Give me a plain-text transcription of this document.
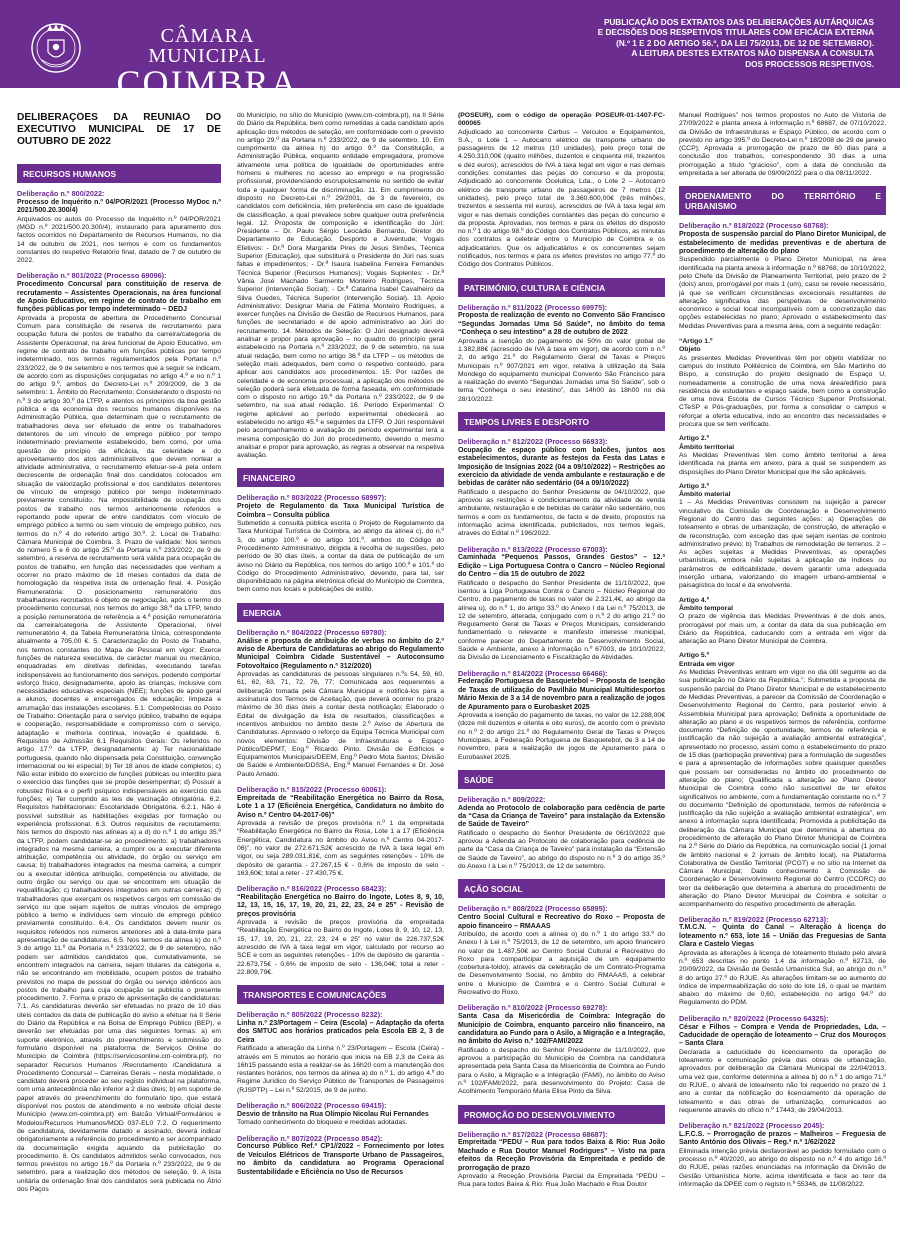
CÂMARA MUNICIPAL
COIMBRA
PUBLICAÇÃO DOS EXTRATOS DAS DELIBERAÇÕES AUTÁRQUICAS
E DECISÕES DOS RESPETIVOS TITULARES COM EFICÁCIA EXTERNA
(N.º 1 E 2 DO ARTIGO 56.º, DA LEI 75/2013, DE 12 DE SETEMBRO).
A LEITURA DESTES EXTRATOS NÃO DISPENSA A CONSULTA
DOS PROCESSOS RESPETIVOS.
DELIBERAÇÕES DA REUNIÃO DO EXECUTIVO MUNICIPAL DE 17 DE OUTUBRO DE 2022
RECURSOS HUMANOS
Deliberação n.º 800/2022:
Processo de Inquérito n.º 04/POR/2021 (Processo MyDoc n.º 2021/500.20.300/4)

Arquivados os autos do Processo de Inquérito n.º 04/POR/2021 (MGD n.º 2021/500.20.300/4), instaurado para apuramento dos factos ocorridos no Departamento de Recursos Humanos, no dia 14 de outubro de 2021, nos termos e com os fundamentos constantes do respetivo Relatório final, datado de 7 de outubro de 2022.

Deliberação n.º 801/2022 (Processo 69096):
Procedimento Concursal para constituição de reserva de recrutamento – Assistentes Operacionais, na área funcional de Apoio Educativo, em regime de contrato de trabalho em funções públicas por tempo indeterminado – DEDJ

Aprovada a proposta de abertura de Procedimento Concursal Comum para constituição de reserva de recrutamento para ocupação futura de postos de trabalho da carreira/categoria de Assistente Operacional, na área funcional de Apoio Educativo, em regime de contrato de trabalho em funções públicas por tempo indeterminado, nos termos regulamentados pela Portaria n.º 233/2022, de 9 de setembro e nos termos que a seguir se indicam, de acordo com as disposições conjugadas no artigo 4.º e no n.º 1 do artigo 9.º, ambos do Decreto-Lei n.º 209/2009, de 3 de setembro: 1. Âmbito do Recrutamento: Considerando o disposto no n.º 3 do artigo 30.º da LTFP, e atentos os princípios da boa gestão pública e da economia dos recursos humanos disponíveis na Administração Pública, que determinam que o recrutamento de trabalhadores deva ser efetuado de entre os trabalhadores detentores de um vínculo de emprego público por tempo indeterminado previamente estabelecido, bem como, por uma questão de princípio da eficácia, da celeridade e do aproveitamento dos atos administrativos que devem nortear a atividade administrativa, o recrutamento efetuar-se-á pela ordem decrescente de ordenação final dos candidatos colocados em situação de valorização profissional e dos candidatos detentores de vínculo de emprego público por tempo indeterminado previamente constituído. Na impossibilidade de ocupação dos postos de trabalho nos termos anteriormente referidos e reportando pode operar de entre candidatos com vínculo de emprego público a termo ou sem vínculo de emprego público, nos termos do n.º 4 do referido artigo 30.º. 2. Local de Trabalho: Câmara Municipal de Coimbra. 3. Prazo de validade: Nos termos do número 5 e 6 do artigo 25.º da Portaria n.º 233/2022, de 9 de setembro, a reserva de recrutamento será válida para ocupação de postos de trabalho, em função das necessidades que venham a ocorrer no prazo máximo de 18 meses contados da data de homologação da respetiva lista de ordenação final. 4. Posição Remuneratória: O posicionamento remuneratório dos trabalhadores recrutados é objeto de negociação, após o termo do procedimento concursal, nos termos do artigo 38.º da LTFP, tendo a posição remuneratória de referência a 4.ª posição remuneratória da carreira/categoria de Assistente Operacional, nível remuneratório 4, da Tabela Remuneratória Única, correspondente atualmente a 705,00 €. 5. Caracterização do Posto de Trabalho, nos termos constantes do Mapa de Pessoal em vigor: Exerce funções de natureza executiva, de carácter manual ou mecânico, enquadradas em diretivas definidas, executando tarefas indispensáveis ao funcionamento dos serviços, podendo comportar esforço físico, designadamente, apoio às crianças, inclusive com necessidades educativas especiais (NEE); funções de apoio geral a alunos, docentes e encarregados de educação; limpeza e arrumação das instalações escolares. 5.1. Competências do Posto de Trabalho: Orientação para o serviço público, trabalho de equipa e cooperação, responsabilidade e compromisso com o serviço, adaptação e melhoria contínua, inovação e qualidade. 6. Requisitos de Admissão 6.1 Requisitos Gerais: Os referidos no artigo 17.º da LTFP, designadamente: a) Ter nacionalidade portuguesa, quando não dispensada pela Constituição, convenção internacional ou lei especial; b) Ter 18 anos de idade completos; c) Não estar inibido do exercício de funções públicas ou interdito para o exercício das funções que se propõe desempenhar; d) Possuir a robustez física e o perfil psíquico indispensáveis ao exercício das funções; e) Ter cumprido as leis de vacinação obrigatória. 6.2. Requisitos habilitacionais: Escolaridade Obrigatória. 6.2.1. Não é possível substituir as habilitações exigidas por formação ou experiência profissional. 6.3. Outros requisitos de recrutamento: Nos termos do disposto nas alíneas a) a d) do n.º 1 do artigo 35.º da LTFP, podem candidatar-se ao procedimento: a) trabalhadores integrados na mesma carreira, a cumprir ou a executar diferente atribuição, competência ou atividade, do órgão ou serviço em causa; b) trabalhadores integrados na mesma carreira, a cumprir ou a executar idêntica atribuição, competência ou atividade, de outro órgão ou serviço ou que se encontrem em situação de requalificação; c) trabalhadores integrados em outras carreiras; d) trabalhadores que exerçam os respetivos cargos em comissão de serviço ou que sejam sujeitos de outras vínculos de emprego público a termo e indivíduos sem vínculo de emprego público previamente constituído. 6.4. Os candidatos devem reunir os requisitos referidos nos números anteriores até à data-limite para apresentação de candidaturas. 6.5. Nos termos da alínea k) do n.º 3 do artigo 11.º da Portaria n.º 233/2022, de 9 de setembro, não podem ser admitidos candidatos que, cumulativamente, se encontrem integrados na carreira, sejam titulares da categoria e, não se encontrando em mobilidade, ocupem postos de trabalho previstos no mapa de pessoal do órgão ou serviço idênticos aos postos de trabalho para cuja ocupação se publicita o presente procedimento. 7. Forma e prazo de apresentação de candidaturas: 7.1. As candidaturas deverão ser efetuadas no prazo de 10 dias úteis contados da data de publicação do aviso a efetuar na II Série do Diário da República e na Bolsa de Emprego Público (BEP), e deverão ser efetuadas por uma das seguintes formas: a) em suporte eletrónico, através do preenchimento e submissão do formulário disponível na plataforma de Serviços Online do Município de Coimbra (https://servicosonline.cm-coimbra.pt), no separador Recursos Humanos /Recrutamento /Candidatura a Procedimento Concursal – Carreiras Gerais – nesta modalidade, o candidato deverá proceder ao seu registo individual na plataforma, com uma antecedência não inferior a 2 dias úteis; b) em suporte de papel através do preenchimento do formulário tipo, que estará disponível nos postos de atendimento e no website oficial deste Município (www.cm-coimbra.pt) em Balcão Virtual/Formulários e Modelos/Recursos Humanos/MOD 037-EL0 7.2. O requerimento de candidatura, devidamente datado e assinado, deverá indicar obrigatoriamente a referência do procedimento e ser acompanhado da documentação exigida aquando da publicitação do procedimento. 8. Os candidatos admitidos serão convocados, nos termos previstos no artigo 16.º da Portaria n.º 233/2022, de 9 de setembro, para a realização dos métodos de seleção. 9. A lista unitária de ordenação final dos candidatos será publicada no Átrio dos Paços

do Município, no sítio do Município (www.cm-coimbra.pt), na II Série do Diário da República, bem como remetidas a cada candidato após aplicação dos métodos de seleção, em conformidade com o previsto no artigo 29.º da Portaria n.º 233/2022, de 9 de setembro. 10. Em cumprimento da alínea h) do artigo 9.º da Constituição, a Administração Pública, enquanto entidade empregadora, promove ativamente uma política de igualdade de oportunidades entre homens e mulheres no acesso ao emprego e na progressão profissional, providenciando escrupulosamente no sentido de evitar toda e qualquer forma de discriminação. 11. Em cumprimento do disposto no Decreto-Lei n.º 29/2001, de 3 de fevereiro, os candidatos com deficiência, têm preferência em caso de igualdade de classificação, a qual prevalece sobre qualquer outra preferência legal. 12. Proposta de composição e identificação do Júri: Presidente – Dr. Paulo Sérgio Leocádio Bernardo, Diretor do Departamento de Educação, Desporto e Juventude; Vogais Efetivos: - Dr.ª Dora Margarida Pires de Jesus Simões, Técnica Superior (Educação), que substituirá o Presidente do Júri nas suas faltas e impedimentos; - Dr.ª Isaura Isabelina Ferreira Fernandes Técnica Superior (Recursos Humanos); Vogais Suplentes: - Dr.ª Vânia José Machado Sarmento Monteiro Rodrigues, Técnica Superior (Intervenção Social); - Dr.ª Catarina Isabel Cavalheiro da Silva Guedes, Técnica Superior (Intervenção Social). 13. Apoio Administrativo: Designar Maria de Fátima Monteiro Rodrigues, a exercer funções na Divisão de Gestão de Recursos Humanos, para funções de secretariado e de apoio administrativo ao Júri do recrutamento. 14. Métodos de Seleção: O Júri designado deverá analisar e propor para aprovação – no quadro do princípio geral estabelecido na Portaria n.º 233/2022, de 9 de setembro, na sua atual redação, bem como no artigo 36.º da LTFP – os métodos de seleção mais adequados, bem como o respetivo conteúdo, para aplicar aos candidatos aos procedimentos. 15. Por razões de celeridade e de economia processual, a aplicação dos métodos de seleção poderá será efetuada de forma faseada, em conformidade com o disposto no artigo 19.º da Portaria n.º 233/2022, de 9 de setembro, na sua atual redação. 16. Período Experimental: O regime aplicável ao período experimental obedecerá ao estabelecido no artigo 45.º e seguintes da LTFP. O Júri responsável pelo acompanhamento e avaliação do período experimental terá a mesma composição do Júri do procedimento, devendo o mesmo analisar e propor para aprovação, as regras a observar na respetiva avaliação.

FINANCEIRO
Deliberação n.º 803/2022 (Processo 68997):
Projeto de Regulamento da Taxa Municipal Turística de Coimbra – Consulta pública

Submetido a consulta pública escrita o Projeto de Regulamento da Taxa Municipal Turística de Coimbra, ao abrigo da alínea c), do n.º 3, do artigo 100.º e do artigo 101.º, ambos do Código do Procedimento Administrativo, dirigida à recolha de sugestões, pelo período de 30 dias úteis, a contar da data de publicação de um aviso no Diário da República, nos termos do artigo 100.º e 101.º do Código do Procedimento Administrativo, devendo, para tal, ser disponibilizado na página eletrónica oficial do Município de Coimbra, bem como nos locais e publicações de estilo.

ENERGIA
Deliberação n.º 804/2022 (Processo 69780):
Análise e proposta de atribuição de verbas no âmbito do 2.º aviso de Abertura de Candidaturas ao abrigo do Regulamento Municipal Coimbra Cidade Sustentável – Autoconsumo Fotovoltaico (Regulamento n.º 312/2020)

Aprovadas as candidaturas de pessoas singulares n.ºs 54, 59, 60, 61, 62, 63, 71, 72, 76, 77; Comunicada aos requerentes a deliberação tomada pela Câmara Municipal e notificá-los para a assinatura dos Termos de Aceitação, que deverá ocorrer no prazo máximo de 30 dias úteis a contar desta notificação; Elaborado o Edital de divulgação da lista de resultados, classificações e incentivos atribuídos no âmbito deste 2.º Aviso de Abertura de Candidaturas. Aprovado o reforço da Equipa Técnica Municipal com novos elementos: Divisão de Infraestruturas e Espaço Público/DEPMT, Eng.º Ricardo Pinto. Divisão de Edifícios e Equipamentos Municipais/DEEM, Eng.º Pedro Mota Santos; Divisão de Saúde e Ambiente/DDSSA, Eng.ª Manuel Fernandes e Dr. José Paulo Amado.

Deliberação n.º 815/2022 (Processo 60061):
Empreitada de “Reabilitação Energética no Bairro da Rosa, Lote 1 a 17 (Eficiência Energética, Candidatura no âmbito do Aviso n.º Centro 04-2017-06)”

Aprovada a revisão de preços provisória n.º 1 da empreitada “Reabilitação Energética no Bairro da Rosa, Lote 1 a 17 (Eficiência Energética, Candidatura no âmbito do Aviso n.º Centro 04-2017-06)”, no valor de 272.671,52€ acrescido de IVA à taxa legal em vigor, ou seja 289.031,81€, com as seguintes retenções - 10% de depósito de garantia - 27.267,15 € - 0,6% de imposto de selo - 163,60€; total a reter - 27.430,75 €.

Deliberação n.º 816/2022 (Processo 68423):
“Reabilitação Energética no Bairro do Ingote, Lotes 8, 9, 10, 12, 13, 15, 16, 17, 19, 20, 21, 22, 23, 24 e 25” - Revisão de preços provisória

Aprovada a revisão de preços provisória da empreitada “Reabilitação Energética no Bairro do Ingote, Lotes 8, 9, 10, 12, 13, 15, 17, 19, 20, 21, 22, 23, 24 e 25” no valor de 226.737,52€ acrescido de IVA à taxa legal em vigor, calculado por recurso ao SCE e com as seguintes retenções - 10% de depósito de garantia - 22.673,75€ - 0,6% de imposto de selo - 136,04€; total a reter - 22.809,79€.

TRANSPORTES E COMUNICAÇÕES
Deliberação n.º 805/2022 (Processo 8232):
Linha n.º 23/Portagem – Ceira (Escola) – Adaptação da oferta dos SMTUC aos horários praticados pela Escola EB 2, 3 de Ceira

Ratificado a alteração da Linha n.º 23/Portagem – Escola (Ceira) - através em 5 minutos ao horário que inicia na EB 2,3 de Ceira às 16h15 passando esta a realizar-se às 16h20 com a manutenção dos restantes horários, nos termos da alínea a) do n.º 1, do artigo 4.º do Regime Jurídico do Serviço Público de Transportes de Passageiros (RJSPTP) – Lei n.º 52/2015, de 9 de junho.

Deliberação n.º 806/2022 (Processo 69415):
Desvio de trânsito na Rua Olímpio Nicolau Rui Fernandes

Tomado conhecimento do bloqueio e medidas adotadas.

Deliberação n.º 807/2022 (Processo 8542):
Concurso Público Ref.ª CP1//2022 – Fornecimento por lotes de Veículos Elétricos de Transporte Urbano de Passageiros, no âmbito da candidatura ao Programa Operacional Sustentabilidade e Eficiência no Uso de Recursos
(POSEUR), com o código de operação POSEUR-01-1407-FC-000065

Adjudicado ao concorrente Carbus – Veículos e Equipamentos, S.A., o Lote 1 – Autocarro elétrico de transporte urbano de passageiros de 12 metros (10 unidades), pelo preço total de 4.250.310,00€ (quatro milhões, duzentos e cinquenta mil, trezentos e dez euros), acrescidos de IVA à taxa legal em vigor e nas demais condições constantes das peças do concurso e da proposta; Adjudicado ao concorrente Ocelutica, Lda., o Lote 2 – Autocarro elétrico de transporte urbano de passageiros de 7 metros (12 unidades), pelo preço total de 3.360.600,00€ (três milhões, trezentos e sessenta mil euros), acrescidos de IVA à taxa legal em vigor e nas demais condições constantes das peças do concurso e da proposta. Aprovadas, nos termos e para os efeitos do disposto no n.º 1 do artigo 98.º do Código dos Contratos Públicos, as minutas dos contratos a celebrar entre o Município de Coimbra e os adjudicatários. Que os adjudicatários e os concorrentes sejam notificados, nos termos e para os efeitos previstos no artigo 77.º do Código dos Contratos Públicos.

PATRIMÓNIO, CULTURA E CIÊNCIA
Deliberação n.º 811/2022 (Processo 69975):
Proposta de realização de evento no Convento São Francisco “Segundas Jornadas Uma Só Saúde”, no âmbito do tema “Conheça o seu intestino” a 28 de outubro de 2022

Aprovada a isenção do pagamento de 50% do valor global de 1.382,88€ (acrescido de IVA à taxa em vigor), de acordo com o n.º 2, do artigo 21.º do Regulamento Geral de Taxas e Preços Municipais n.º 907/2021 em vigor, relativa à utilização da Sala Mondego do equipamento municipal Convento São Francisco para a realização do evento “Segundas Jornadas uma Só Saúde”, sob o tema “Conheça o seu intestino”, das 14h00 às 18h00 no dia 28/10/2022.

TEMPOS LIVRES E DESPORTO
Deliberação n.º 812/2022 (Processo 66933):
Ocupação de espaço público com balcões, juntos aos estabelecimentos, durante as festejos da Festa das Latas e Imposição de Insígnias 2022 (04 a 09/10/2022) – Restrições ao exercício da atividade de venda ambulante e restauração e de bebidas de caráter não sedentário (04 a 09/10/2022)

Ratificado o despacho do Senhor Presidente de 04/10/2022, que aprovou as restrições e condicionamento da atividade de venda ambulante, restauração e de bebidas de caráter não sedentário, nos termos e com os fundamentos, de facto e de direito, propostos na informação acima identificada, publicitados, nos termos legais, através do Edital n.º 196/2022.

Deliberação n.º 813/2022 (Processo 67003):
Caminhada “Pequenos Passos, Grandes Gestos” – 12.ª Edição – Liga Portuguesa Contra o Cancro – Núcleo Regional do Centro – dia 15 de outubro de 2022

Ratificado o despacho do Senhor Presidente de 11/10/2022, que isentou a Liga Portuguesa Contra o Cancro – Núcleo Regional do Centro, do pagamento de taxas no valor de 2.321,4€, ao abrigo da alínea u), do n.º 1, do artigo 33.º do Anexo I da Lei n.º 75/2013, de 12 de setembro, alterada, conjugado com o n.º 2 do artigo 21.º do Regulamento Geral de Taxas e Preços Municipais, considerando fundamentado o relevante e manifesto interesse municipal, conforme parecer do Departamento de Desenvolvimento Social, Saúde e Ambiente, anexo à informação n.º 67003, de 10/10/2022, da Divisão de Licenciamento e Fiscalização de Atividades.

Deliberação n.º 814/2022 (Processo 66466):
Federação Portuguesa de Basquetebol – Proposta de Isenção de Taxas de utilização do Pavilhão Municipal Multidesportos Mário Mexia de 3 a 14 de novembro para a realização de jogos de Apuramento para o Eurobasket 2025

Aprovada a isenção do pagamento de taxas, no valor de 12.288,00€ (doze mil duzentos e oitenta e oito euros), de acordo com o previsto no n.º 2 do artigo 21.º do Regulamento Geral de Taxas e Preços Municipais, à Federação Portuguesa de Basquetebol, de 3 a 14 de novembro, para a realização de jogos de Apuramento para o Eurobasket 2025.

SAÚDE
Deliberação n.º 809/2022:
Adenda ao Protocolo de colaboração para cedência de parte da “Casa da Criança de Taveiro” para instalação da Extensão de Saúde de Taveiro”

Ratificado o despacho do Senhor Presidente de 06/10/2022 que aprovou a Adenda ao Protocolo de colaboração para cedência de parte da “Casa da Criança de Taveiro” para instalação da “Extensão de Saúde de Taveiro”, ao abrigo do disposto no n.º 3 do artigo 35.º do Anexo I à Lei n.º 75/2013, de 12 de setembro.

AÇÃO SOCIAL
Deliberação n.º 808/2022 (Processo 65895):
Centro Social Cultural e Recreativo do Roxo – Proposta de apoio financeiro – RMAAAS

Atribuído, de acordo com a alínea o) do n.º 1 do artigo 33.º do Anexo I à Lei n.º 75/2013, de 12 de setembro, um apoio financeiro no valor de 1.487,50€ ao Centro Social Cultural e Recreativo do Roxo para comparticipar a aquisição de um equipamento (cobertura-toldo), através da celebração de um Contrato-Programa de Desenvolvimento Social, no âmbito do RMAAAS, a celebrar entre o Município de Coimbra e o Centro Social Cultural e Recreativo do Roxo.

Deliberação n.º 810/2022 (Processo 69278):
Santa Casa da Misericórdia de Coimbra: Integração do Município de Coimbra, enquanto parceiro não financeiro, na candidatura ao Fundo para o Asilo, a Migração e a Integração, no âmbito do Aviso n.º 102/FAMI/2022

Ratificado o despacho do Senhor Presidente de 11/10/2022, que aprovou a participação do Município de Coimbra na candidatura apresentada pela Santa Casa da Misericórdia de Coimbra ao Fundo para o Asilo, a Migração e a Integração (FAMI), no âmbito do Aviso n.º 102/FAMI/2022, para desenvolvimento do Projeto: Casa de Acolhimento Temporário Maria Elisa Pinto da Silva.

PROMOÇÃO DO DESENVOLVIMENTO
Deliberação n.º 817/2022 (Processo 68687):
Empreitada “PEDU – Rua para todos Baixa & Rio: Rua João Machado e Rua Doutor Manuel Rodrigues” – Visto na para efeitos da Receção Provisória da Empreitada e pedido de prorrogação de prazo

Aprovado a Receção Provisória Parcial da Empreitada “PEDU – Rua para todos Baixa & Rio: Rua João Machado e Rua Doutor

Manuel Rodrigues” nos termos propostos no Auto de Vistoria de 27/09/2022 e planta anexa à informação n.º 68687, de 07/10/2022, da Divisão de Infraestruturas e Espaço Público, de acordo com o previsto no artigo 395.º do Decreto-Lei n.º 18/2008 de 29 de janeiro (CCP); Aprovada a prorrogação de prazo de 60 dias para a conclusão dos trabalhos, correspondendo 30 dias a uma prorrogação a título “gracioso”, com a data de conclusão da empreitada a ser alterada de 09/09/2022 para o dia 08/11/2022.

ORDENAMENTO DO TERRITÓRIO E URBANISMO
Deliberação n.º 818/2022 (Processo 68768):
Proposta de suspensão parcial do Plano Diretor Municipal, de estabelecimento de medidas preventivas e de abertura de procedimento de alteração do plano

Suspendido parcialmente o Plano Diretor Municipal, na área identificada na planta anexa à informação n.º 68768, de 10/10/2022, pelo Chefe da Divisão de Planeamento Territorial, pelo prazo de 2 (dois) anos, prorrogável por mais 1 (um), caso se revele necessário, já que se verificam circunstâncias excecionais resultantes de alteração significativa das perspetivas de desenvolvimento económico e social local incompatíveis com a concretização das opções estabelecidas no plano; Aprovado o estabelecimento das Medidas Preventivas para a mesma área, com a seguinte redação:

“Artigo 1.º
Objeto

As presentes Medidas Preventivas têm por objeto viabilizar no campus do Instituto Politécnico de Coimbra, em São Martinho do Bispo, a construção do projeto designado de Espaço U, nomeadamente a construção de uma nova área/edifício para residência de estudantes e espaço saúde, bem como a construção de uma nova Escola de Cursos Técnico Superior Profissional, CTeSP e Pós-graduações, por forma a consolidar o campus e reforçar a oferta educativa, indo ao encontro das necessidades e procura que se tem verificado.

Artigo 2.º
Âmbito territorial

As Medidas Preventivas têm como âmbito territorial a área identificada na planta em anexo, para a qual se suspendem as disposições do Plano Diretor Municipal que lhe são aplicáveis.

Artigo 3.º
Âmbito material

1 – As Medidas Preventivas consistem na sujeição a parecer vinculativo da Comissão de Coordenação e Desenvolvimento Regional do Centro das seguintes ações: a) Operações de loteamento e obras de urbanização, de construção, de alteração e de reconstrução, com exceção das que sejam isentas de controlo administrativo prévio; b) Trabalhos de remodelação de terrenos. 2 – As ações sujeitas a Medidas Preventivas, as operações urbanísticas, embora não sujeitas à aplicação de índices ou parâmetros de edificabilidade, devem garantir uma adequada inserção urbana, valorizando do imagem urbano-ambiental e paisagística do local e da envolvente.

Artigo 4.º
Âmbito temporal

O prazo de vigência das Medidas Preventivas é de dois anos, prorrogável por mais um, a contar da data da sua publicação em Diário da República, caducando com a entrada em vigor da alteração ao Plano Diretor Municipal de Coimbra.

Artigo 5.º
Entrada em vigor

As Medidas Preventivas entram em vigor no dia útil seguinte ao da sua publicação no Diário da República.”; Submetida a proposta de suspensão parcial do Plano Diretor Municipal e de estabelecimento de Medidas Preventivas, a parecer da Comissão de Coordenação e Desenvolvimento Regional do Centro, para posterior envio à Assembleia Municipal para aprovação; Definida a oportunidade de alteração ao plano e os respetivos termos de referência, conforme documento “Definição de oportunidade, termos de referência e justificação da não sujeição a avaliação ambiental estratégica”, apresentado no processo, assim como o estabelecimento do prazo de 15 dias (participação preventiva) para a formulação de sugestões e para a apresentação de informações sobre quaisquer questões que possam ser consideradas no âmbito do procedimento de alteração do plano; Qualificada a alteração ao Plano Diretor Municipal de Coimbra como não suscetível de ter efeitos significativos no ambiente, com a fundamentação constante no n.º 7 do documento “Definição de oportunidade, termos de referência e justificação da não sujeição a avaliação ambiental estratégica”, em anexo à informação supra identificada; Promovida a publicitação da deliberação da Câmara Municipal que determina a abertura do procedimento de alteração do Plano Diretor Municipal de Coimbra na 2.ª Série do Diário da República, na comunicação social (1 jornal de âmbito nacional e 2 jornais de âmbito local), na Plataforma Colaborativa de Gestão Territorial (PCGT) e no sítio na Internet da Câmara Municipal; Dado conhecimento à Comissão de Coordenação e Desenvolvimento Regional do Centro (CCDRC) do teor da deliberação que determina a abertura do procedimento de alteração do Plano Diretor Municipal de Coimbra e solicitar o acompanhamento do respetivo procedimento de alteração.

Deliberação n.º 819/2022 (Processo 62713):
T.M.C.N. – Quinta do Canal – Alteração à licença do loteamento n.º 653, lote 16 – União das Freguesias de Santa Clara e Castelo Viegas

Aprovada as alterações à licença de loteamento titulado pelo alvará n.º 653 descritas no ponto 1.4 da informação n.º 62713, de 20/09/2022, da Divisão de Gestão Urbanística Sul, ao abrigo do n.º 8 do artigo 27.º do RJUE. As alterações limitam-se ao aumento do índice de impermeabilização do solo do lote 16, o qual se mantém abaixo do máximo de 0,60, estabelecido no artigo 94.º do Regulamento do PDM.

Deliberação n.º 820/2022 (Processo 64325):
César e Filhos – Compra e Venda de Propriedades, Lda. – Caducidade de operação de loteamento – Cruz dos Mouroços – Santa Clara

Declarada a caducidade do licenciamento da operação de loteamento e comunicação prévia das obras de urbanização, aprovados por deliberação da Câmara Municipal de 22/04/2013, uma vez que, conforme determina a alínea b) do n.º 1 do artigo 71.º do RJUE, o alvará de loteamento não foi requerido no prazo de 1 ano a contar da notificação do licenciamento da operação de loteamento e das obras de urbanização, comunicados ao requerente através do ofício n.º 17443, de 29/04/2013.

Deliberação n.º 821/2022 (Processo 2045):
L.F.C.S. – Prorrogação de prazos – Malheiros – Freguesia de Santo António dos Olivais – Reg.ª n.º 1/62/2022

Eliminada intenção prévia desfavorável ao pedido formulado com o processo n.º 40/2020, ao abrigo do disposto no n.º 4 do artigo 16.º do RJUE, pelas razões enunciadas na informação da Divisão de Gestão Urbanística Norte, acima identificada e face ao teor da informação da DPEE com o registo n.º 55346, de 11/08/2022.
